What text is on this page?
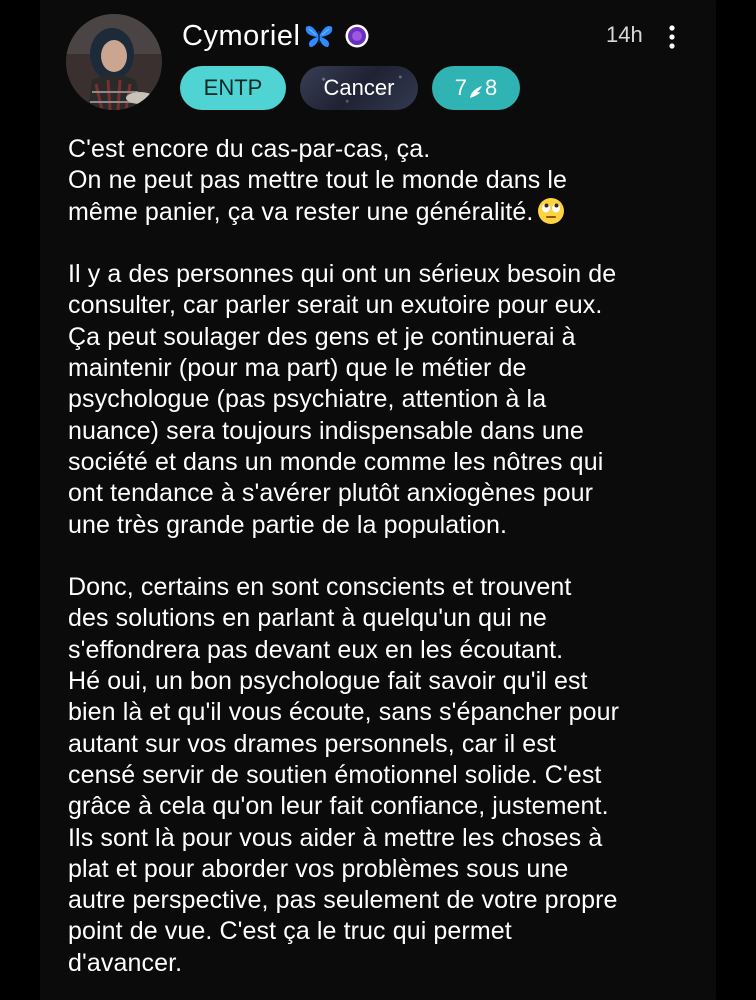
Cymoriel	14h
ENTP	Cancer	7 8
C'est encore du cas-par-cas, ça.
On ne peut pas mettre tout le monde dans le
même panier, ça va rester une généralité.
Il y a des personnes qui ont un sérieux besoin de
consulter, car parler serait un exutoire pour eux.
Ça peut soulager des gens et je continuerai à
maintenir (pour ma part) que le métier de
psychologue (pas psychiatre, attention à la
nuance) sera toujours indispensable dans une
société et dans un monde comme les nôtres qui
ont tendance à s'avérer plutôt anxiogènes pour
une très grande partie de la population.
Donc, certains en sont conscients et trouvent
des solutions en parlant à quelqu'un qui ne
s'effondrera pas devant eux en les écoutant.
Hé oui, un bon psychologue fait savoir qu'il est
bien là et qu'il vous écoute, sans s'épancher pour
autant sur vos drames personnels, car il est
censé servir de soutien émotionnel solide. C'est
grâce à cela qu'on leur fait confiance, justement.
Ils sont là pour vous aider à mettre les choses à
plat et pour aborder vos problèmes sous une
autre perspective, pas seulement de votre propre
point de vue. C'est ça le truc qui permet
d'avancer.
